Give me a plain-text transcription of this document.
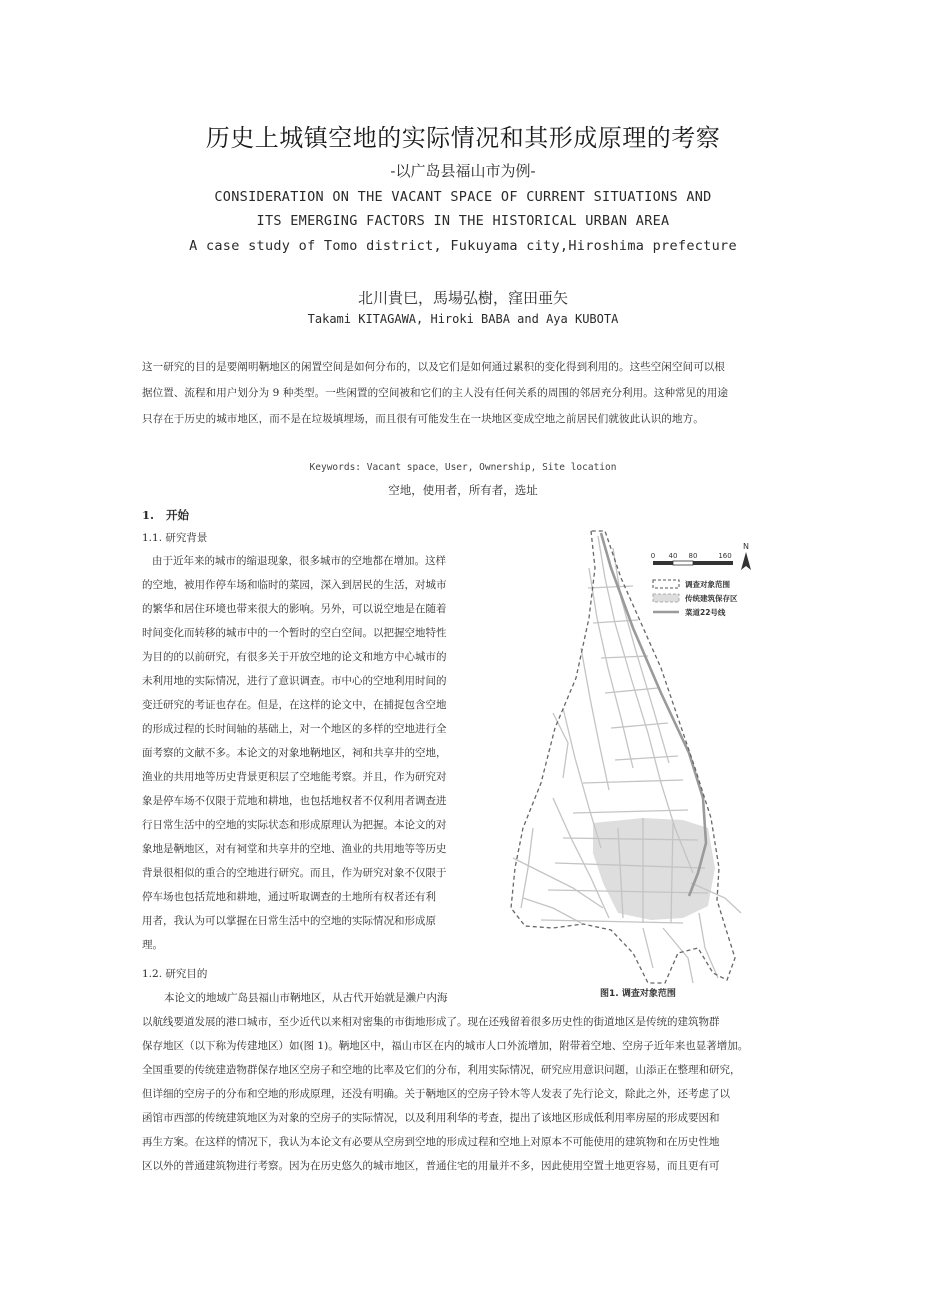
历史上城镇空地的实际情况和其形成原理的考察
-以广岛县福山市为例-
CONSIDERATION ON THE VACANT SPACE OF CURRENT SITUATIONS AND
ITS EMERGING FACTORS IN THE HISTORICAL URBAN AREA
A case study of Tomo district, Fukuyama city,Hiroshima prefecture
北川貴巳，馬場弘樹，窪田亜矢
Takami KITAGAWA, Hiroki BABA and Aya KUBOTA

这一研究的目的是要阐明鞆地区的闲置空间是如何分布的，以及它们是如何通过累积的变化得到利用的。这些空闲空间可以根

据位置、流程和用户划分为 9 种类型。一些闲置的空间被和它们的主人没有任何关系的周围的邻居充分利用。这种常见的用途

只存在于历史的城市地区，而不是在垃圾填埋场，而且很有可能发生在一块地区变成空地之前居民们就彼此认识的地方。

Keywords: Vacant space，User, Ownership, Site location
空地，使用者，所有者，选址
1. 开始
1.1. 研究背景

由于近年来的城市的缩退现象，很多城市的空地都在增加。这样

的空地，被用作停车场和临时的菜园，深入到居民的生活，对城市

的繁华和居住环境也带来很大的影响。另外，可以说空地是在随着

时间变化而转移的城市中的一个暂时的空白空间。以把握空地特性

为目的的以前研究，有很多关于开放空地的论文和地方中心城市的

未利用地的实际情况，进行了意识调查。市中心的空地利用时间的

变迁研究的考证也存在。但是，在这样的论文中，在捕捉包含空地

的形成过程的长时间轴的基础上，对一个地区的多样的空地进行全

面考察的文献不多。本论文的对象地鞆地区，祠和共享井的空地，

渔业的共用地等历史背景更积层了空地能考察。并且，作为研究对

象是停车场不仅限于荒地和耕地，也包括地权者不仅利用者调查进

行日常生活中的空地的实际状态和形成原理认为把握。本论文的对

象地是鞆地区，对有祠堂和共享井的空地、渔业的共用地等等历史

背景很相似的重合的空地进行研究。而且，作为研究对象不仅限于

停车场也包括荒地和耕地，通过听取调查的土地所有权者还有利

用者，我认为可以掌握在日常生活中的空地的实际情况和形成原

理。

1.2. 研究目的

本论文的地域广岛县福山市鞆地区，从古代开始就是濑户内海

以航线要道发展的港口城市，至少近代以来相对密集的市街地形成了。现在还残留着很多历史性的街道地区是传统的建筑物群

保存地区（以下称为传建地区）如(图 1)。鞆地区中，福山市区在内的城市人口外流增加，附带着空地、空房子近年来也显著增加。

全国重要的传统建造物群保存地区空房子和空地的比率及它们的分布，利用实际情况，研究应用意识问题，山添正在整理和研究，

但详细的空房子的分布和空地的形成原理，还没有明确。关于鞆地区的空房子铃木等人发表了先行论文，除此之外，还考虑了以

函馆市西部的传统建筑地区为对象的空房子的实际情况，以及利用利华的考查，提出了该地区形成低利用率房屋的形成要因和

再生方案。在这样的情况下，我认为本论文有必要从空房到空地的形成过程和空地上对原本不可能使用的建筑物和在历史性地

区以外的普通建筑物进行考察。因为在历史悠久的城市地区，普通住宅的用量并不多，因此使用空置土地更容易，而且更有可

0 40 80	160
N
调查对象范围
传统建筑保存区
菜道22号线
图1. 调查对象范围
